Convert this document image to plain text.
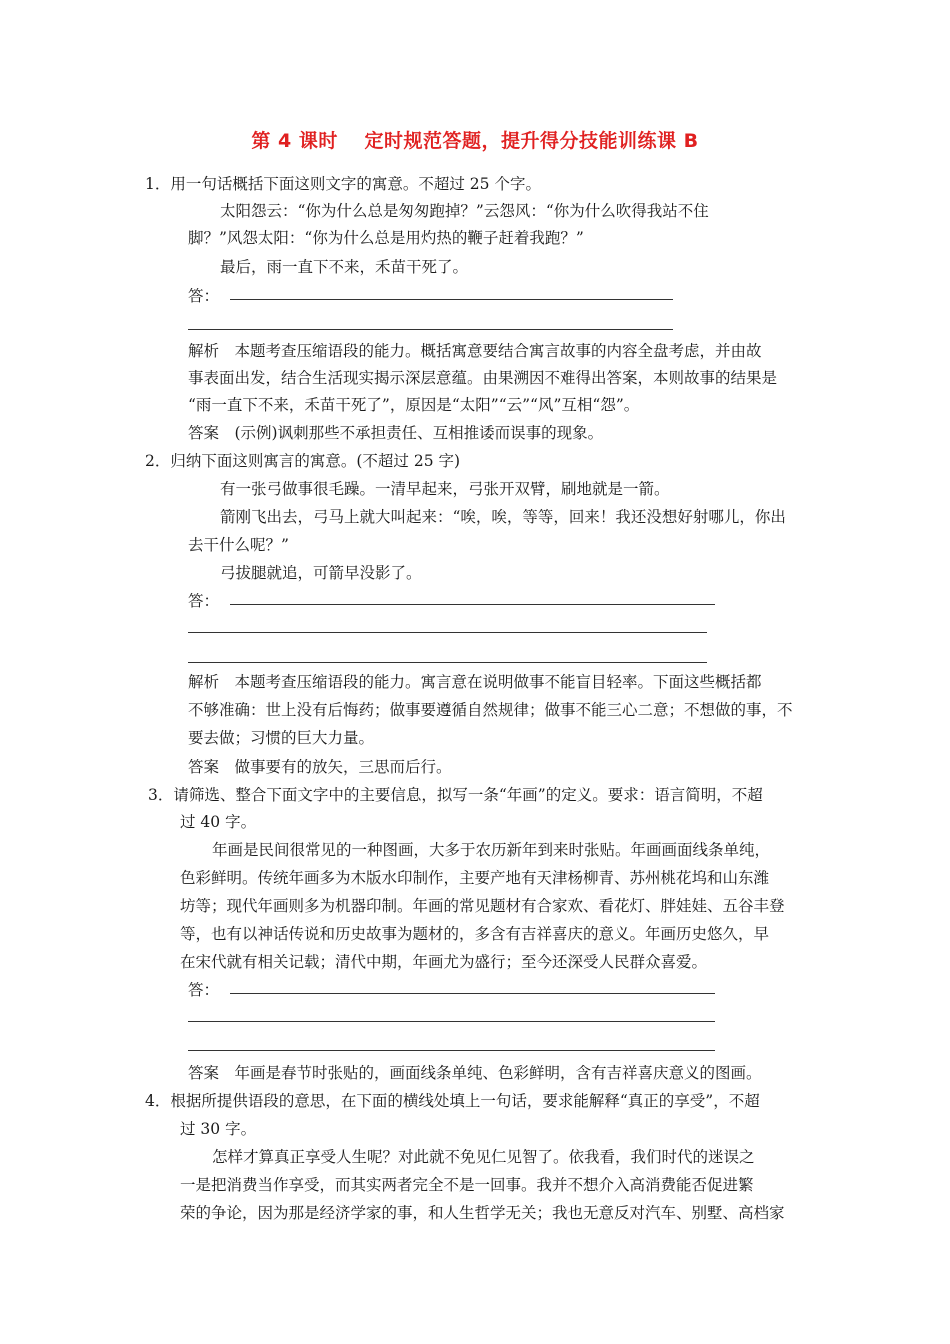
第 4 课时　 定时规范答题，提升得分技能训练课 B
1．用一句话概括下面这则文字的寓意。不超过 25 个字。
太阳怨云：“你为什么总是匆匆跑掉？”云怨风：“你为什么吹得我站不住
脚？”风怨太阳：“你为什么总是用灼热的鞭子赶着我跑？”
最后，雨一直下不来，禾苗干死了。
答：
解析　本题考查压缩语段的能力。概括寓意要结合寓言故事的内容全盘考虑，并由故
事表面出发，结合生活现实揭示深层意蕴。由果溯因不难得出答案，本则故事的结果是
“雨一直下不来，禾苗干死了”，原因是“太阳”“云”“风”互相“怨”。
答案　(示例)讽刺那些不承担责任、互相推诿而误事的现象。
2．归纳下面这则寓言的寓意。(不超过 25 字)
有一张弓做事很毛躁。一清早起来，弓张开双臂，刷地就是一箭。
箭刚飞出去，弓马上就大叫起来：“唉，唉，等等，回来！我还没想好射哪儿，你出
去干什么呢？”
弓拔腿就追，可箭早没影了。
答：
解析　本题考查压缩语段的能力。寓言意在说明做事不能盲目轻率。下面这些概括都
不够准确：世上没有后悔药；做事要遵循自然规律；做事不能三心二意；不想做的事，不
要去做；习惯的巨大力量。
答案　做事要有的放矢，三思而后行。
3．请筛选、整合下面文字中的主要信息，拟写一条“年画”的定义。要求：语言简明，不超
过 40 字。
年画是民间很常见的一种图画，大多于农历新年到来时张贴。年画画面线条单纯，
色彩鲜明。传统年画多为木版水印制作，主要产地有天津杨柳青、苏州桃花坞和山东潍
坊等；现代年画则多为机器印制。年画的常见题材有合家欢、看花灯、胖娃娃、五谷丰登
等，也有以神话传说和历史故事为题材的，多含有吉祥喜庆的意义。年画历史悠久，早
在宋代就有相关记载；清代中期，年画尤为盛行；至今还深受人民群众喜爱。
答：
答案　年画是春节时张贴的，画面线条单纯、色彩鲜明，含有吉祥喜庆意义的图画。
4．根据所提供语段的意思，在下面的横线处填上一句话，要求能解释“真正的享受”，不超
过 30 字。
怎样才算真正享受人生呢？对此就不免见仁见智了。依我看，我们时代的迷误之
一是把消费当作享受，而其实两者完全不是一回事。我并不想介入高消费能否促进繁
荣的争论，因为那是经济学家的事，和人生哲学无关；我也无意反对汽车、别墅、高档家
